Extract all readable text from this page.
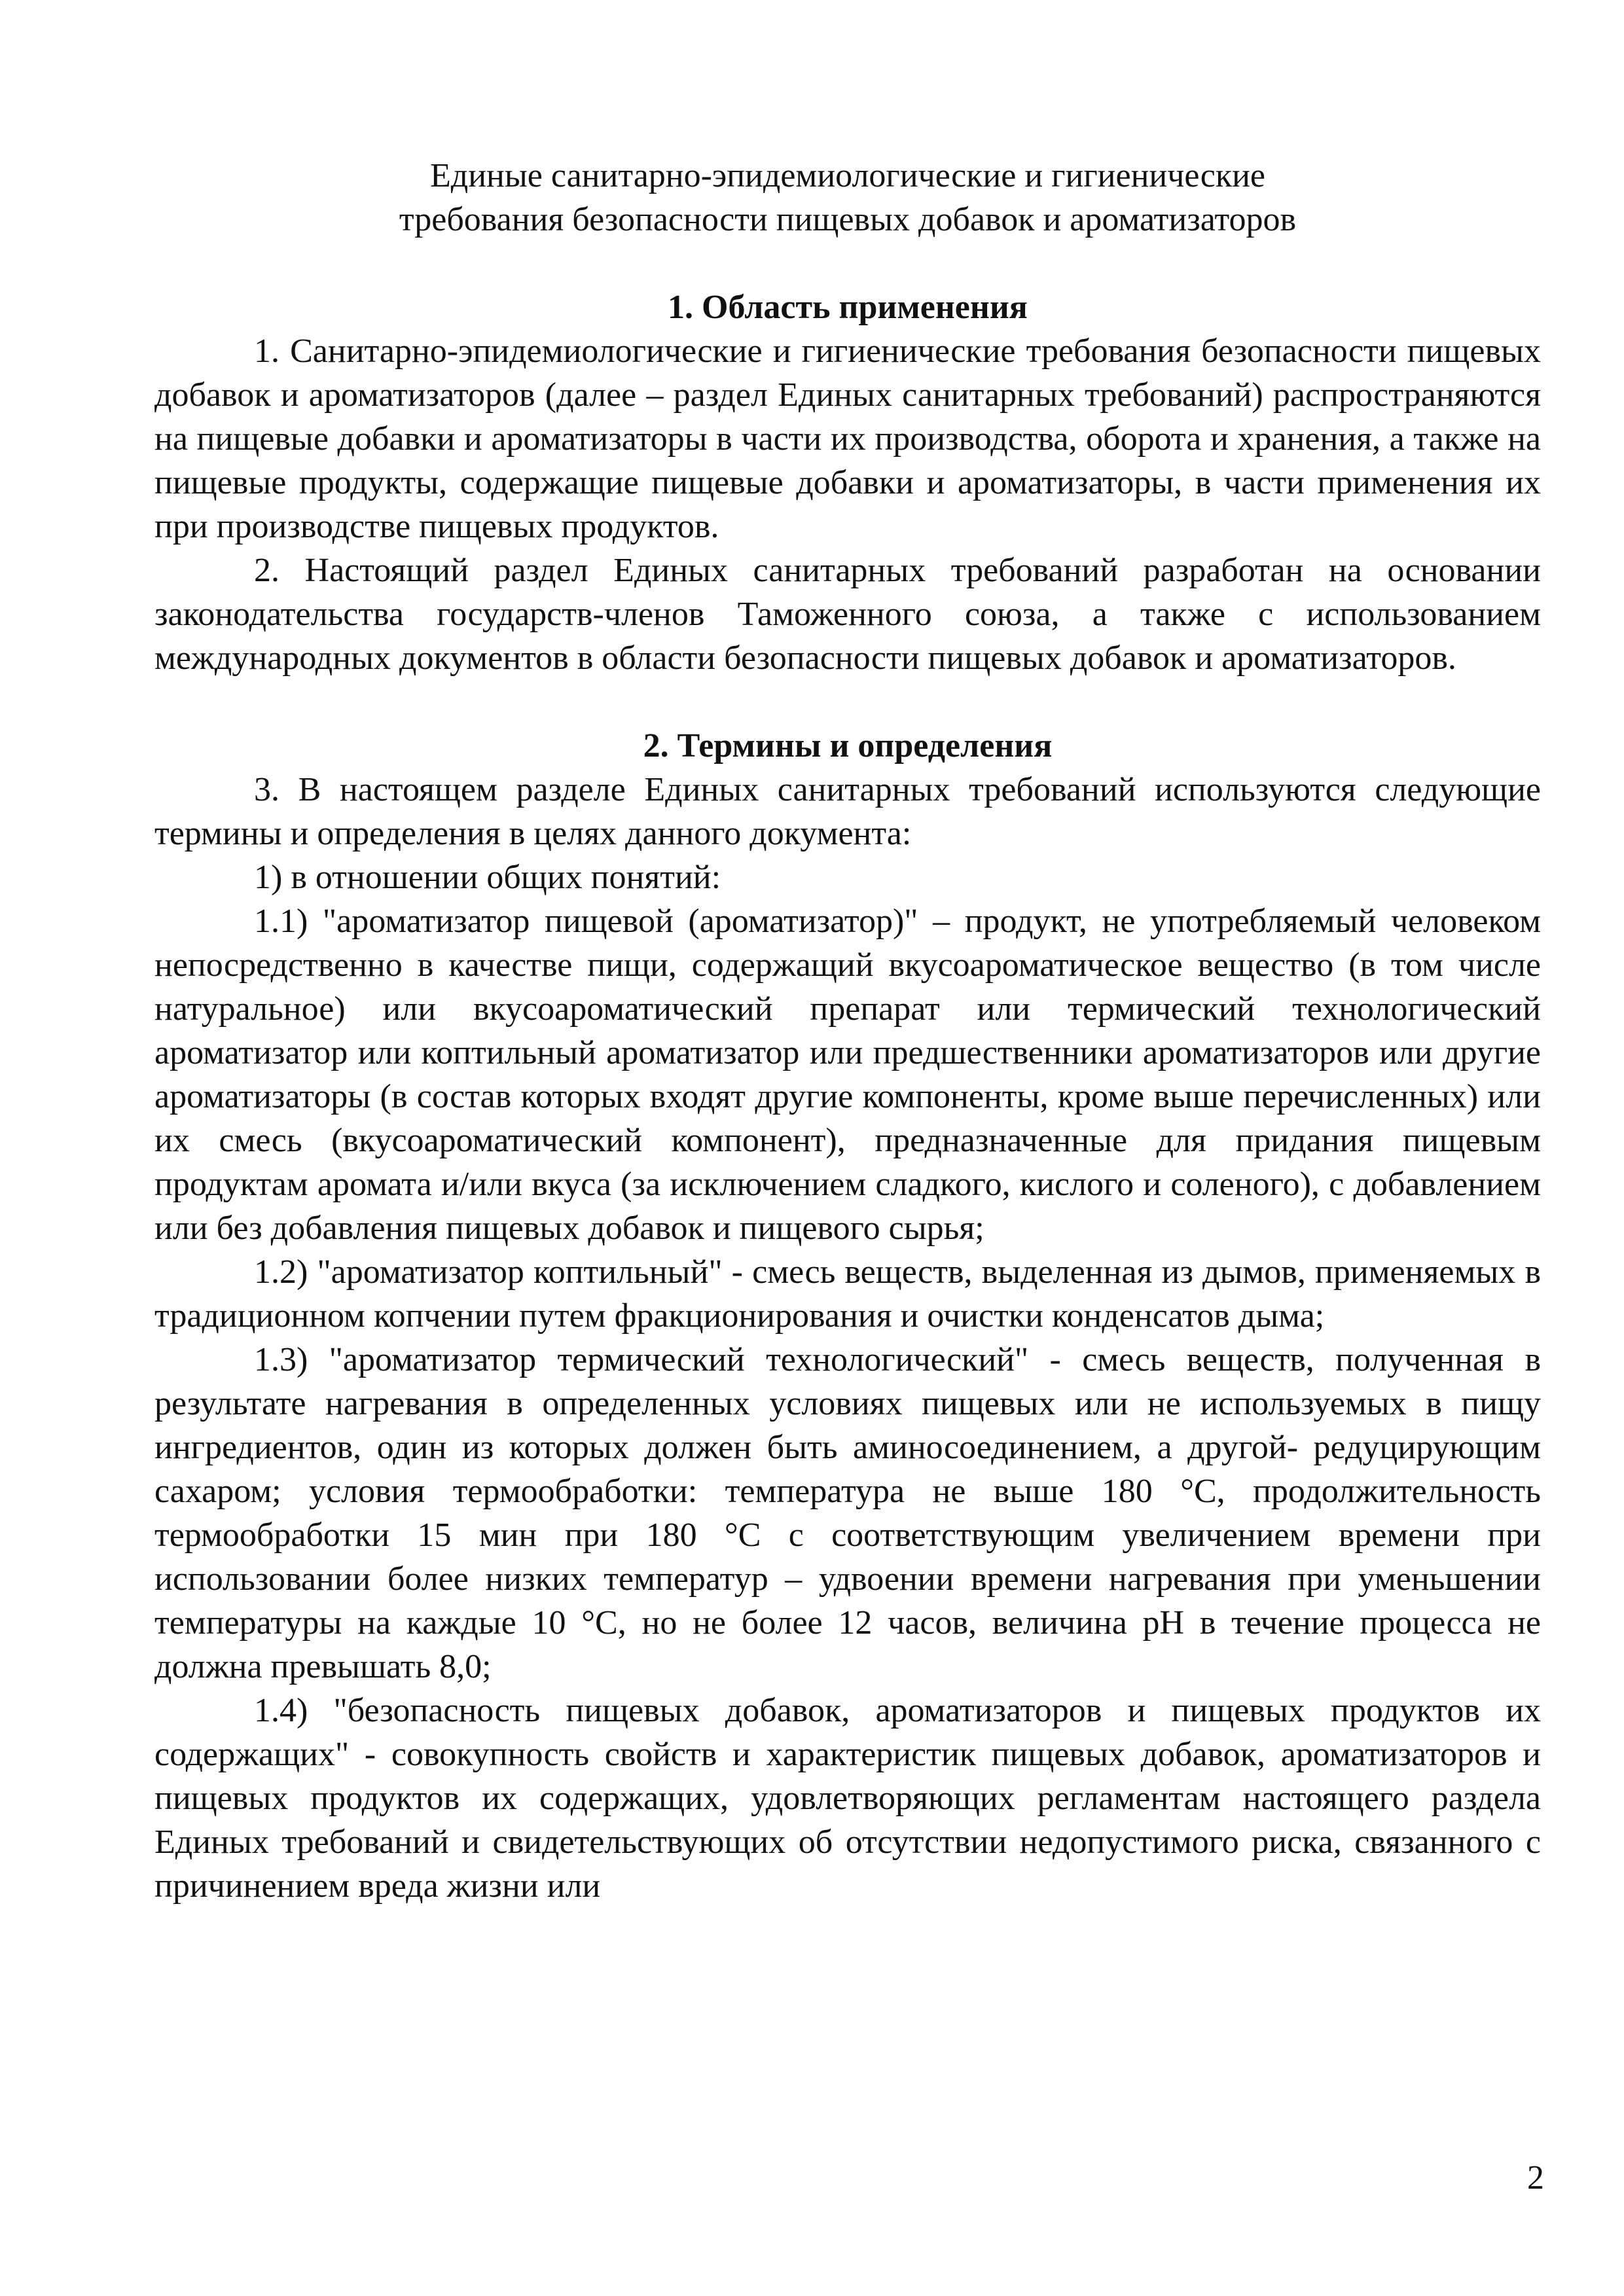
Единые санитарно-эпидемиологические и гигиенические
требования безопасности пищевых добавок и ароматизаторов
1. Область применения

1. Санитарно-эпидемиологические и гигиенические требования безопасности пищевых добавок и ароматизаторов (далее – раздел Единых санитарных требований) распространяются на пищевые добавки и ароматизаторы в части их производства, оборота и хранения, а также на пищевые продукты, содержащие пищевые добавки и ароматизаторы, в части применения их при производстве пищевых продуктов.

2. Настоящий раздел Единых санитарных требований разработан на основании законодательства государств-членов Таможенного союза, а также с использованием международных документов в области безопасности пищевых добавок и ароматизаторов.

2. Термины и определения

3. В настоящем разделе Единых санитарных требований используются следующие термины и определения в целях данного документа:

1) в отношении общих понятий:

1.1) "ароматизатор пищевой (ароматизатор)" – продукт, не употребляемый человеком непосредственно в качестве пищи, содержащий вкусоароматическое вещество (в том числе натуральное) или вкусоароматический препарат или термический технологический ароматизатор или коптильный ароматизатор или предшественники ароматизаторов или другие ароматизаторы (в состав которых входят другие компоненты, кроме выше перечисленных) или их смесь (вкусоароматический компонент), предназначенные для придания пищевым продуктам аромата и/или вкуса (за исключением сладкого, кислого и соленого), с добавлением или без добавления пищевых добавок и пищевого сырья;

1.2) "ароматизатор коптильный" - смесь веществ, выделенная из дымов, применяемых в традиционном копчении путем фракционирования и очистки конденсатов дыма;

1.3) "ароматизатор термический технологический" - смесь веществ, полученная в результате нагревания в определенных условиях пищевых или не используемых в пищу ингредиентов, один из которых должен быть аминосоединением, а другой- редуцирующим сахаром; условия термообработки: температура не выше 180 °С, продолжительность термообработки 15 мин при 180 °С с соответствующим увеличением времени при использовании более низких температур – удвоении времени нагревания при уменьшении температуры на каждые 10 °С, но не более 12 часов, величина рН в течение процесса не должна превышать 8,0;

1.4) "безопасность пищевых добавок, ароматизаторов и пищевых продуктов их содержащих" - совокупность свойств и характеристик пищевых добавок, ароматизаторов и пищевых продуктов их содержащих, удовлетворяющих регламентам настоящего раздела Единых требований и свидетельствующих об отсутствии недопустимого риска, связанного с причинением вреда жизни или

2
